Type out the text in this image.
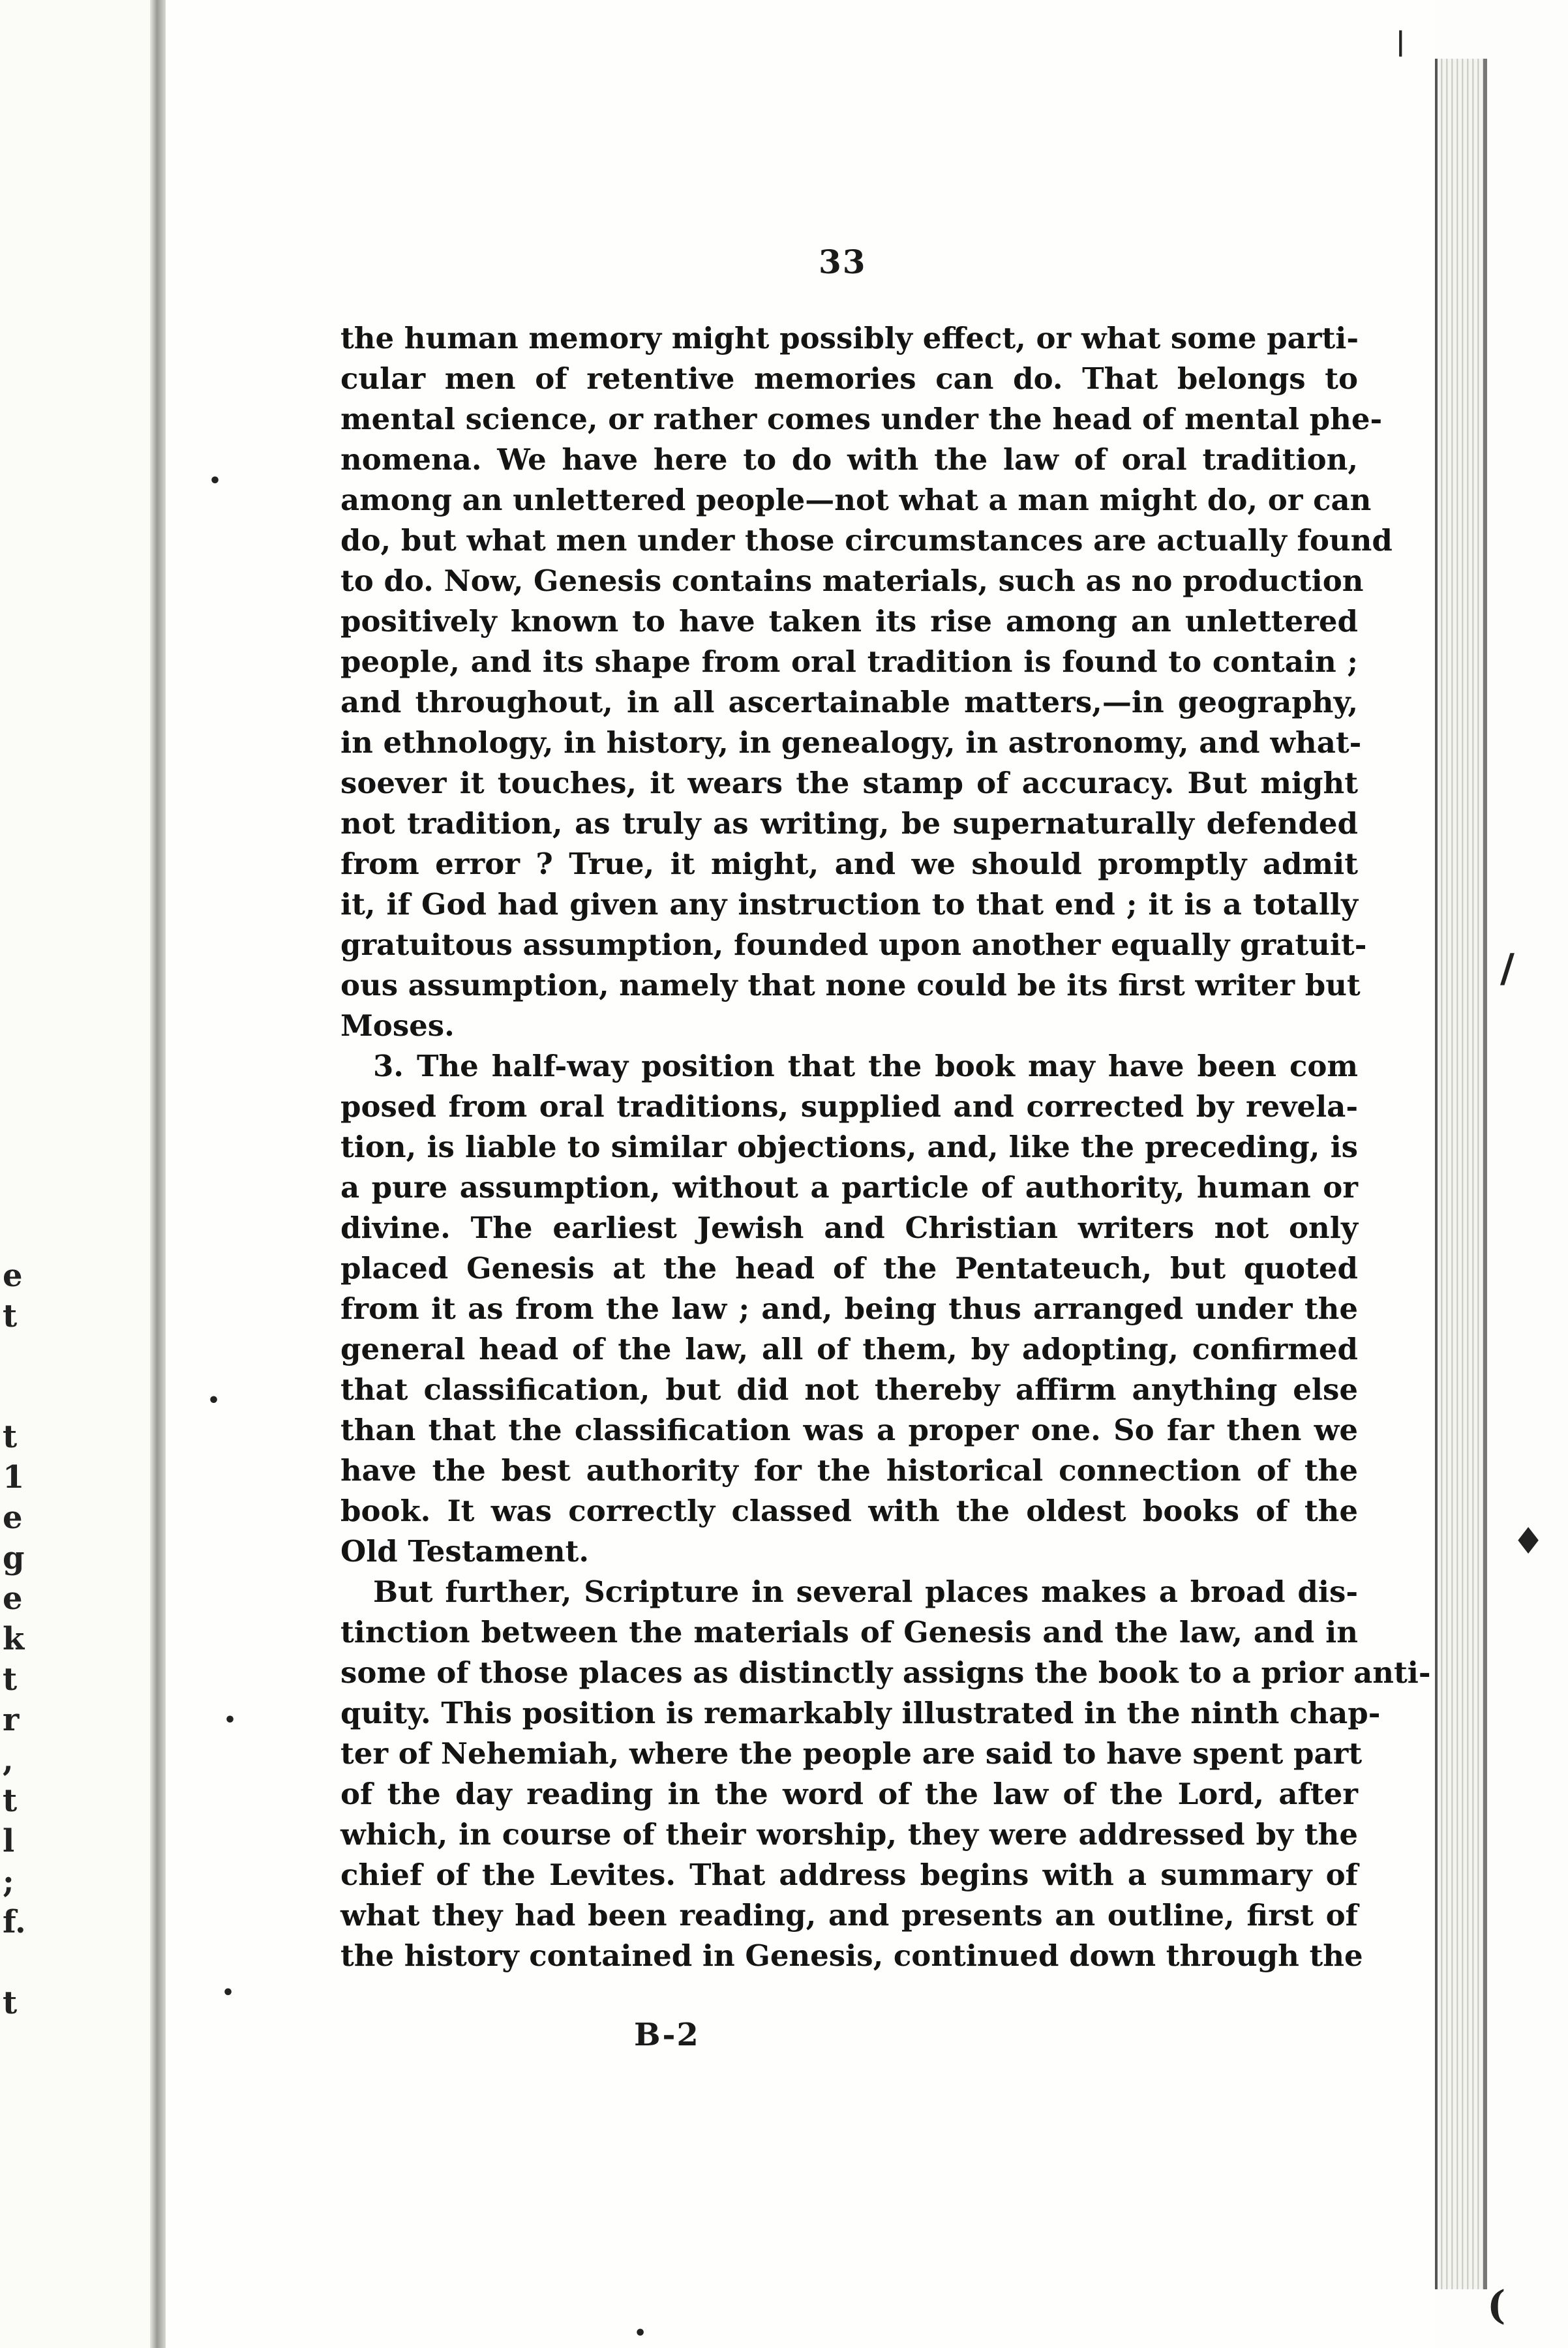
e
t
t
1
e
g
e
k
t
r
,
t
l
;
f.
t
33
the human memory might possibly effect, or what some parti-
cular men of retentive memories can do. That belongs to
mental science, or rather comes under the head of mental phe-
nomena. We have here to do with the law of oral tradition,
among an unlettered people—not what a man might do, or can
do, but what men under those circumstances are actually found
to do. Now, Genesis contains materials, such as no production
positively known to have taken its rise among an unlettered
people, and its shape from oral tradition is found to contain ;
and throughout, in all ascertainable matters,—in geography,
in ethnology, in history, in genealogy, in astronomy, and what-
soever it touches, it wears the stamp of accuracy. But might
not tradition, as truly as writing, be supernaturally defended
from error ? True, it might, and we should promptly admit
it, if God had given any instruction to that end ; it is a totally
gratuitous assumption, founded upon another equally gratuit-
ous assumption, namely that none could be its first writer but
Moses.
3. The half-way position that the book may have been com
posed from oral traditions, supplied and corrected by revela-
tion, is liable to similar objections, and, like the preceding, is
a pure assumption, without a particle of authority, human or
divine. The earliest Jewish and Christian writers not only
placed Genesis at the head of the Pentateuch, but quoted
from it as from the law ; and, being thus arranged under the
general head of the law, all of them, by adopting, confirmed
that classification, but did not thereby affirm anything else
than that the classification was a proper one. So far then we
have the best authority for the historical connection of the
book. It was correctly classed with the oldest books of the
Old Testament.
But further, Scripture in several places makes a broad dis-
tinction between the materials of Genesis and the law, and in
some of those places as distinctly assigns the book to a prior anti-
quity. This position is remarkably illustrated in the ninth chap-
ter of Nehemiah, where the people are said to have spent part
of the day reading in the word of the law of the Lord, after
which, in course of their worship, they were addressed by the
chief of the Levites. That address begins with a summary of
what they had been reading, and presents an outline, first of
the history contained in Genesis, continued down through the
B-2
|
/
♦
(
•
•
•
•
•
